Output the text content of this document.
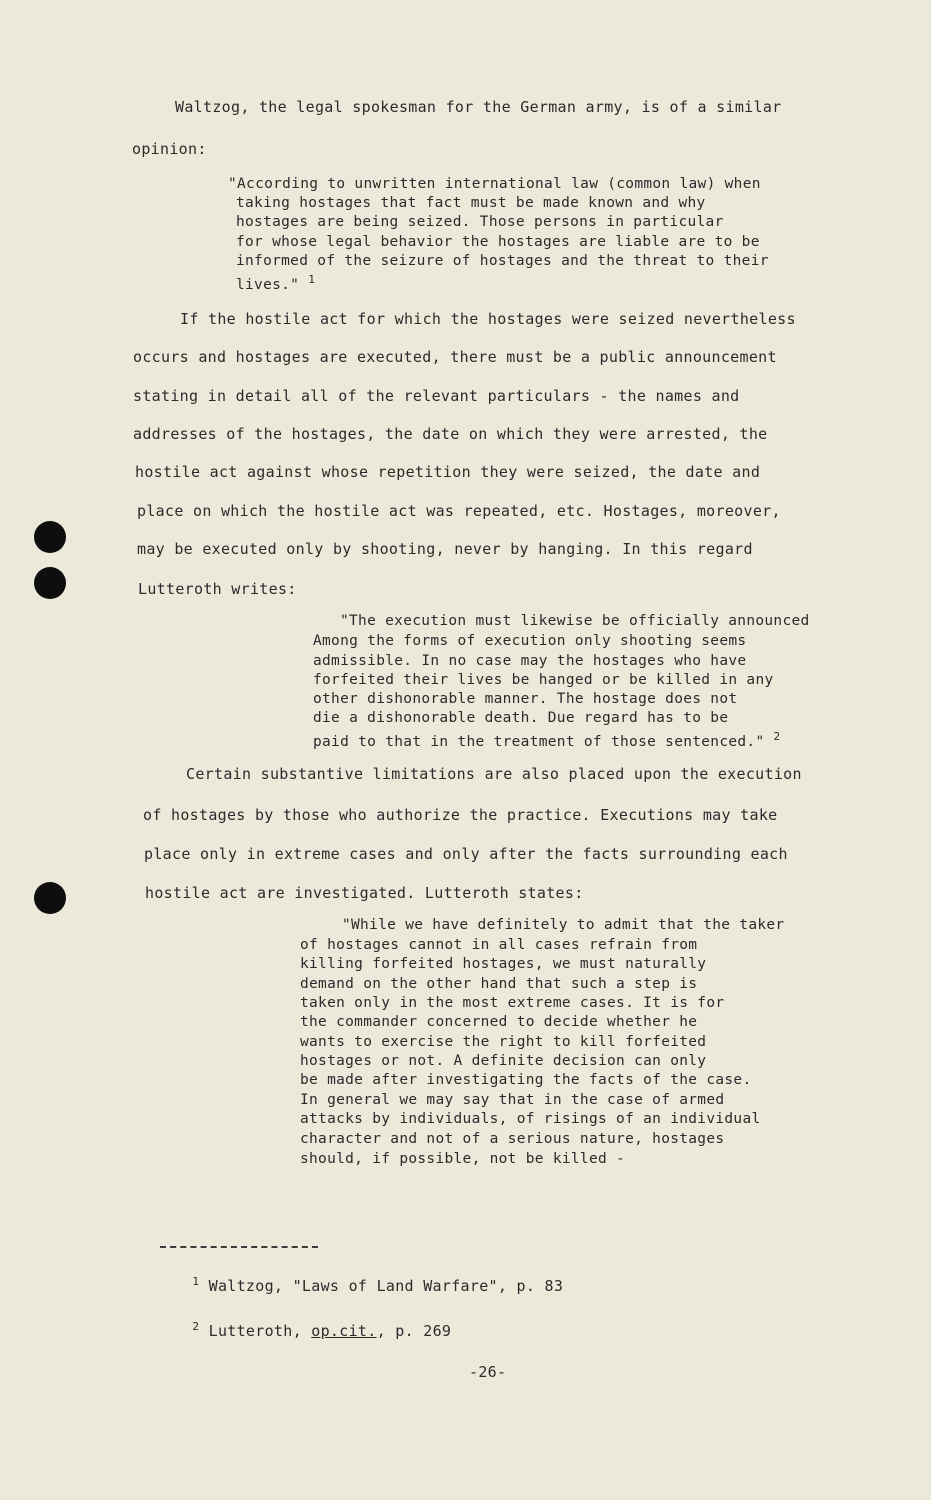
Waltzog, the legal spokesman for the German army, is of a similar
opinion:
"According to unwritten international law (common law) when
taking hostages that fact must be made known and why
hostages are being seized. Those persons in particular
for whose legal behavior the hostages are liable are to be
informed of the seizure of hostages and the threat to their
lives." $^1$
If the hostile act for which the hostages were seized nevertheless
occurs and hostages are executed, there must be a public announcement
stating in detail all of the relevant particulars - the names and
addresses of the hostages, the date on which they were arrested, the
hostile act against whose repetition they were seized, the date and
place on which the hostile act was repeated, etc. Hostages, moreover,
may be executed only by shooting, never by hanging. In this regard
Lutteroth writes:
"The execution must likewise be officially announced
Among the forms of execution only shooting seems
admissible. In no case may the hostages who have
forfeited their lives be hanged or be killed in any
other dishonorable manner. The hostage does not
die a dishonorable death. Due regard has to be
paid to that in the treatment of those sentenced." $^2$
Certain substantive limitations are also placed upon the execution
of hostages by those who authorize the practice. Executions may take
place only in extreme cases and only after the facts surrounding each
hostile act are investigated. Lutteroth states:
"While we have definitely to admit that the taker
of hostages cannot in all cases refrain from
killing forfeited hostages, we must naturally
demand on the other hand that such a step is
taken only in the most extreme cases. It is for
the commander concerned to decide whether he
wants to exercise the right to kill forfeited
hostages or not. A definite decision can only
be made after investigating the facts of the case.
In general we may say that in the case of armed
attacks by individuals, of risings of an individual
character and not of a serious nature, hostages
should, if possible, not be killed -

$^1$ Waltzog, "Laws of Land Warfare", p. 83

$^2$ Lutteroth, op.cit., p. 269

-26-
